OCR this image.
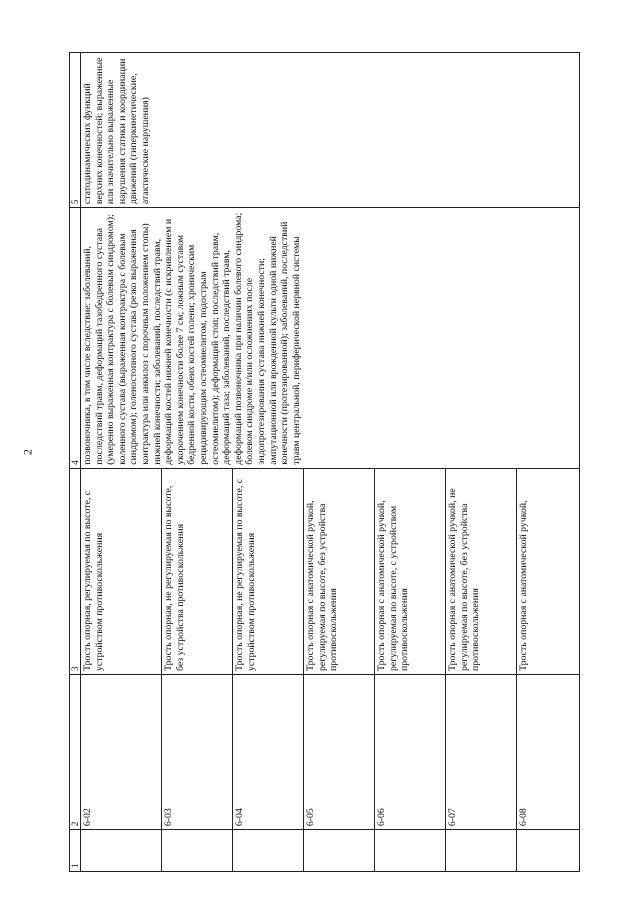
2
1	2	3	4	5
	6-02	Трость опорная, регулируемая по высоте, с устройством противоскольжения	позвоночника, в том числе вследствие: заболеваний, последствий травм, деформаций тазобедренного сустава (умеренно выраженная контрактура с болевым синдромом); коленного сустава (выраженная контрактура с болевым синдромом); голеностопного сустава (резко выраженная контрактура или анкилоз с порочным положением стопы) нижней конечности; заболеваний, последствий травм, деформаций костей нижней конечности (с искривлением и укорочением конечности более 7 см; ложным суставом бедренной кости, обеих костей голени; хроническим рецидивирующим остеомиелитом, подострым остеомиелитом); деформаций стоп; последствий травм, деформаций таза; заболеваний, последствий травм, деформаций позвоночника при наличии болевого синдрома; болевом синдроме и/или осложнениях после эндопротезирования сустава нижней конечности; ампутационной или врожденной культи одной нижней конечности (протезированной); заболеваний, последствий травм центральной, периферической нервной системы	статодинамических функций верхних конечностей; выраженные или значительно выраженные нарушения статики и координации движений (гиперкинетические, атактические нарушения)
	6-03	Трость опорная, не регулируемая по высоте, без устройства противоскольжения		
	6-04	Трость опорная, не регулируемая по высоте, с устройством противоскольжения		
	6-05	Трость опорная с анатомической ручкой, регулируемая по высоте, без устройства противоскольжения		
	6-06	Трость опорная с анатомической ручкой, регулируемая по высоте, с устройством противоскольжения		
	6-07	Трость опорная с анатомической ручкой, не регулируемая по высоте, без устройства противоскольжения		
	6-08	Трость опорная с анатомической ручкой,		
